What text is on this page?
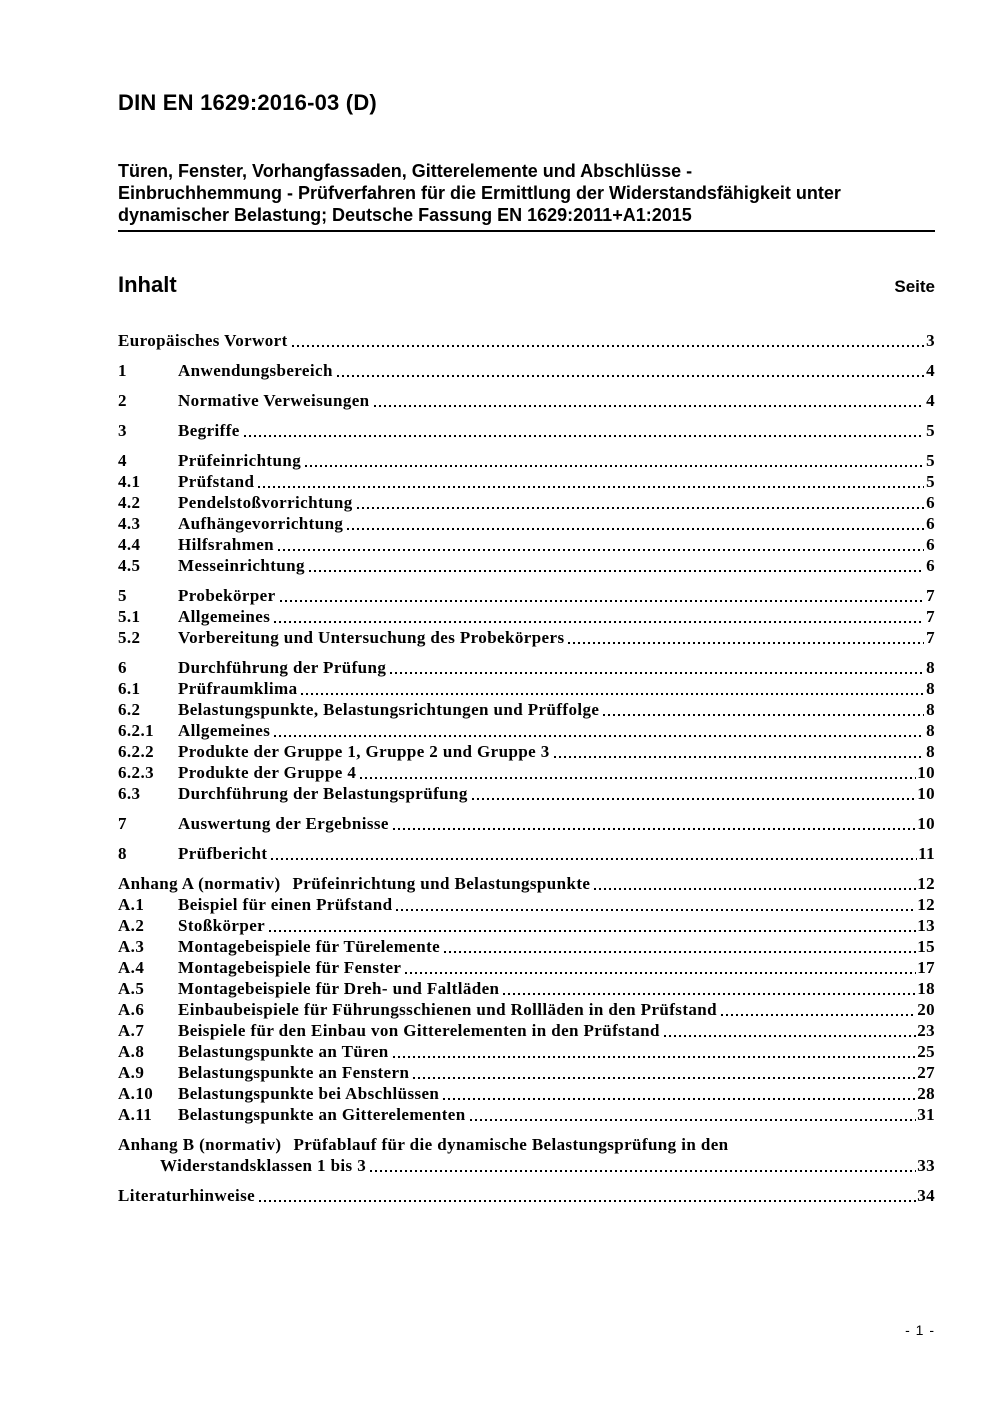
DIN EN 1629:2016-03 (D)
Türen, Fenster, Vorhangfassaden, Gitterelemente und Abschlüsse -
Einbruchhemmung - Prüfverfahren für die Ermittlung der Widerstandsfähigkeit unter
dynamischer Belastung; Deutsche Fassung EN 1629:2011+A1:2015
Inhalt	Seite
Europäisches Vorwort	3
1	Anwendungsbereich	4
2	Normative Verweisungen	4
3	Begriffe	5
4	Prüfeinrichtung	5
4.1	Prüfstand	5
4.2	Pendelstoßvorrichtung	6
4.3	Aufhängevorrichtung	6
4.4	Hilfsrahmen	6
4.5	Messeinrichtung	6
5	Probekörper	7
5.1	Allgemeines	7
5.2	Vorbereitung und Untersuchung des Probekörpers	7
6	Durchführung der Prüfung	8
6.1	Prüfraumklima	8
6.2	Belastungspunkte, Belastungsrichtungen und Prüffolge	8
6.2.1	Allgemeines	8
6.2.2	Produkte der Gruppe 1, Gruppe 2 und Gruppe 3	8
6.2.3	Produkte der Gruppe 4	10
6.3	Durchführung der Belastungsprüfung	10
7	Auswertung der Ergebnisse	10
8	Prüfbericht	11
Anhang A (normativ) Prüfeinrichtung und Belastungspunkte	12
A.1	Beispiel für einen Prüfstand	12
A.2	Stoßkörper	13
A.3	Montagebeispiele für Türelemente	15
A.4	Montagebeispiele für Fenster	17
A.5	Montagebeispiele für Dreh- und Faltläden	18
A.6	Einbaubeispiele für Führungsschienen und Rollläden in den Prüfstand	20
A.7	Beispiele für den Einbau von Gitterelementen in den Prüfstand	23
A.8	Belastungspunkte an Türen	25
A.9	Belastungspunkte an Fenstern	27
A.10	Belastungspunkte bei Abschlüssen	28
A.11	Belastungspunkte an Gitterelementen	31
Anhang B (normativ) Prüfablauf für die dynamische Belastungsprüfung in den
Widerstandsklassen 1 bis 3	33
Literaturhinweise	34
- 1 -
